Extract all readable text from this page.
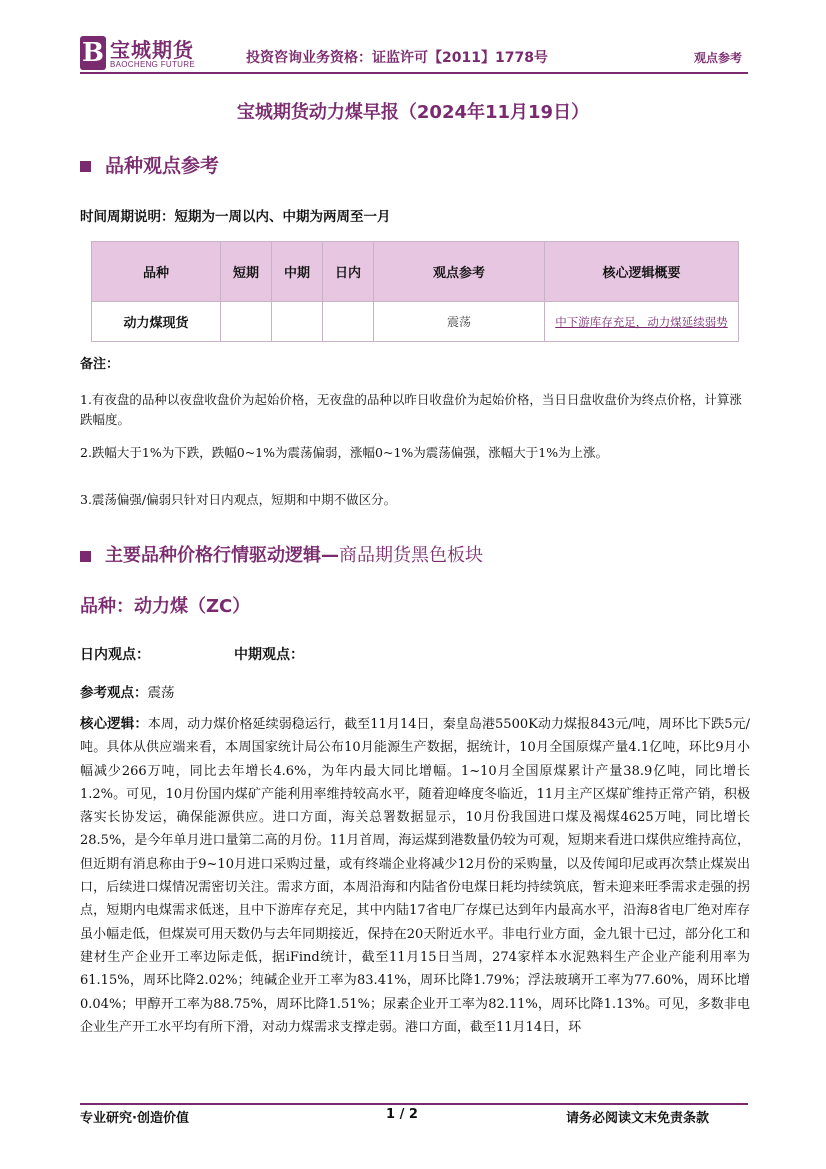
B 宝城期货
BAOCHENG FUTURE	投资咨询业务资格：证监许可【2011】1778号	观点参考
宝城期货动力煤早报（2024年11月19日）
品种观点参考
时间周期说明：短期为一周以内、中期为两周至一月
品种	短期	中期	日内	观点参考	核心逻辑概要
动力煤现货				震荡	中下游库存充足，动力煤延续弱势
备注：
1.有夜盘的品种以夜盘收盘价为起始价格，无夜盘的品种以昨日收盘价为起始价格，当日日盘收盘价为终点价格，计算涨跌幅度。
2.跌幅大于1%为下跌，跌幅0~1%为震荡偏弱，涨幅0~1%为震荡偏强，涨幅大于1%为上涨。
3.震荡偏强/偏弱只针对日内观点，短期和中期不做区分。
主要品种价格行情驱动逻辑—商品期货黑色板块
品种：动力煤（ZC）
日内观点：	中期观点：
参考观点：震荡
核心逻辑：本周，动力煤价格延续弱稳运行，截至11月14日，秦皇岛港5500K动力煤报843元/吨，周环比下跌5元/吨。具体从供应端来看，本周国家统计局公布10月能源生产数据，据统计，10月全国原煤产量4.1亿吨，环比9月小幅减少266万吨，同比去年增长4.6%，为年内最大同比增幅。1~10月全国原煤累计产量38.9亿吨，同比增长1.2%。可见，10月份国内煤矿产能利用率维持较高水平，随着迎峰度冬临近，11月主产区煤矿维持正常产销，积极落实长协发运，确保能源供应。进口方面，海关总署数据显示，10月份我国进口煤及褐煤4625万吨，同比增长28.5%，是今年单月进口量第二高的月份。11月首周，海运煤到港数量仍较为可观，短期来看进口煤供应维持高位，但近期有消息称由于9~10月进口采购过量，或有终端企业将减少12月份的采购量，以及传闻印尼或再次禁止煤炭出口，后续进口煤情况需密切关注。需求方面，本周沿海和内陆省份电煤日耗均持续筑底，暂未迎来旺季需求走强的拐点，短期内电煤需求低迷，且中下游库存充足，其中内陆17省电厂存煤已达到年内最高水平，沿海8省电厂绝对库存虽小幅走低，但煤炭可用天数仍与去年同期接近，保持在20天附近水平。非电行业方面，金九银十已过，部分化工和建材生产企业开工率边际走低，据iFind统计，截至11月15日当周，274家样本水泥熟料生产企业产能利用率为61.15%，周环比降2.02%；纯碱企业开工率为83.41%，周环比降1.79%；浮法玻璃开工率为77.60%，周环比增0.04%；甲醇开工率为88.75%，周环比降1.51%；尿素企业开工率为82.11%，周环比降1.13%。可见，多数非电企业生产开工水平均有所下滑，对动力煤需求支撑走弱。港口方面，截至11月14日，环
专业研究·创造价值	1 / 2	请务必阅读文末免责条款
